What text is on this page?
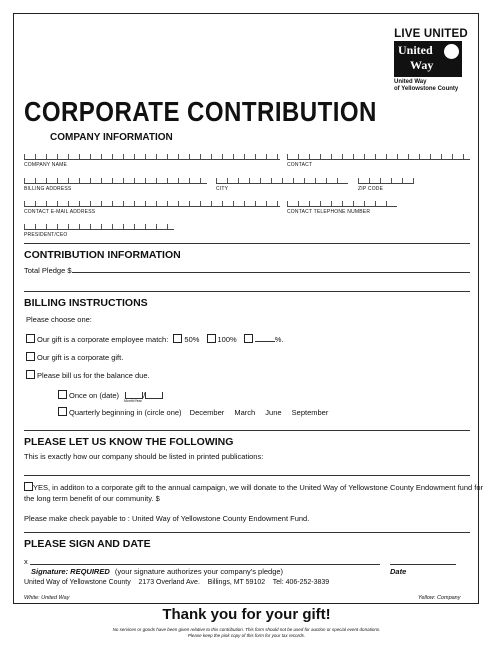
LIVE UNITED
United
Way
United Way
of Yellowstone County
CORPORATE CONTRIBUTION
COMPANY INFORMATION
COMPANY NAME	CONTACT
BILLING ADDRESS	CITY	ZIP CODE
CONTACT E-MAIL ADDRESS	CONTACT TELEPHONE NUMBER
PRESIDENT/CEO
CONTRIBUTION INFORMATION
Total Pledge $
BILLING INSTRUCTIONS
Please choose one:
Our gift is a corporate employee match: 50% 100%	%.
Our gift is a corporate gift.
Please bill us for the balance due.
Once on (date)	/
Month/Year
Quarterly beginning in (circle one) December March June September
PLEASE LET US KNOW THE FOLLOWING
This is exactly how our company should be listed in printed publications:
YES, in additon to a corporate gift to the annual campaign, we will donate to the United Way of Yellowstone County Endowment fund for
the long term benefit of our community. $
Please make check payable to : United Way of Yellowstone County Endowment Fund.
PLEASE SIGN AND DATE
x
Signature: REQUIRED (your signature authorizes your company's pledge)	Date
United Way of Yellowstone County    2173 Overland Ave.    Billings, MT 59102    Tel: 406-252-3839
White: United Way	Yellow: Company
Thank you for your gift!
No services or goods have been given relative to this contribution. This form should not be used for auction or special event donations.
Please keep the pink copy of this form for your tax records.
